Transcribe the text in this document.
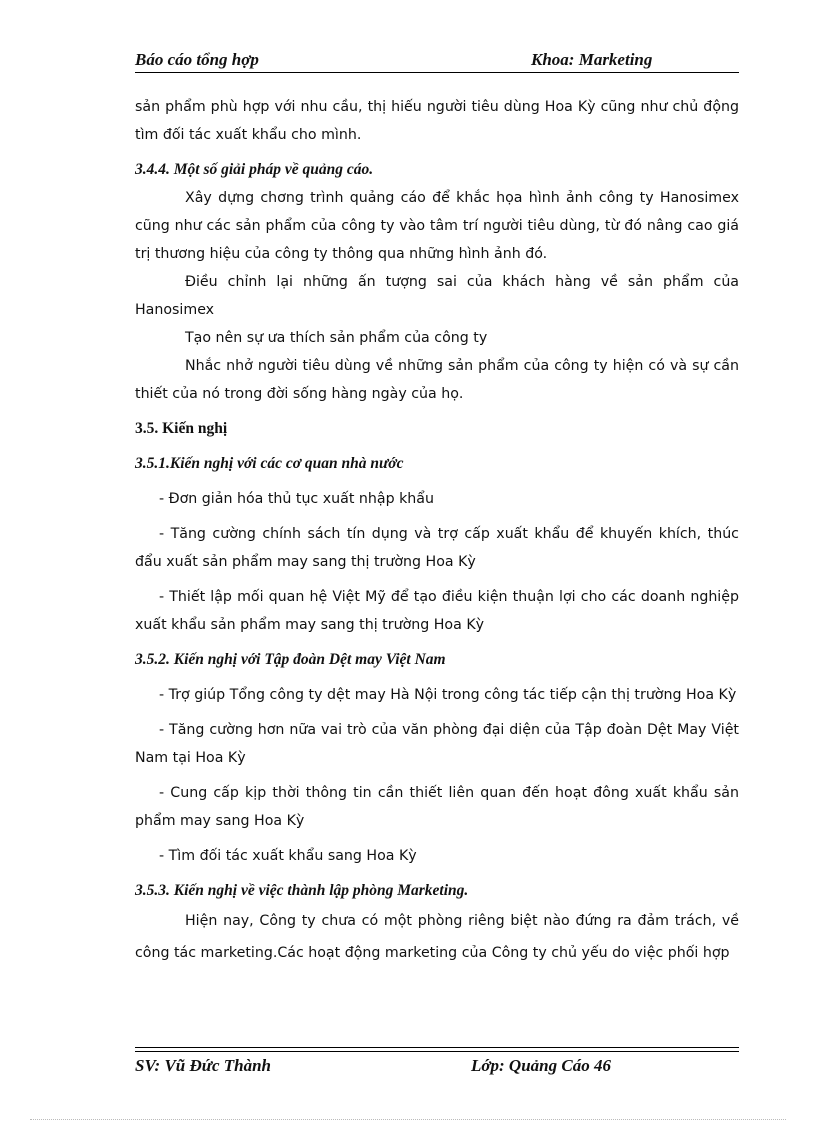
Báo cáo tổng hợp	Khoa: Marketing

sản phẩm phù hợp với nhu cầu, thị hiếu người tiêu dùng Hoa Kỳ cũng như chủ động tìm đối tác xuất khẩu cho mình.

3.4.4. Một số giải pháp về quảng cáo.

Xây dựng chơng trình quảng cáo để khắc họa hình ảnh công ty Hanosimex cũng như các sản phẩm của công ty vào tâm trí người tiêu dùng, từ đó nâng cao giá trị thương hiệu của công ty thông qua những hình ảnh đó.

Điều chỉnh lại những ấn tượng sai của khách hàng về sản phẩm của Hanosimex

Tạo nên sự ưa thích sản phẩm của công ty

Nhắc nhở người tiêu dùng về những sản phẩm của công ty hiện có và sự cần thiết của nó trong đời sống hàng ngày của họ.

3.5. Kiến nghị

3.5.1.Kiến nghị với các cơ quan nhà nước

- Đơn giản hóa thủ tục xuất nhập khẩu

- Tăng cường chính sách tín dụng và trợ cấp xuất khẩu để khuyến khích, thúc đẩu xuất sản phẩm may sang thị trường Hoa Kỳ

- Thiết lập mối quan hệ Việt Mỹ để tạo điều kiện thuận lợi cho các doanh nghiệp xuất khẩu sản phẩm may sang thị trường Hoa Kỳ

3.5.2. Kiến nghị với Tập đoàn Dệt may Việt Nam

- Trợ giúp Tổng công ty dệt may Hà Nội trong công tác tiếp cận thị trường Hoa Kỳ

- Tăng cường hơn nữa vai trò của văn phòng đại diện của Tập đoàn Dệt May Việt Nam tại Hoa Kỳ

- Cung cấp kịp thời thông tin cần thiết liên quan đến hoạt đông xuất khẩu sản phẩm may sang Hoa Kỳ

- Tìm đối tác xuất khẩu sang Hoa Kỳ

3.5.3. Kiến nghị về việc thành lập phòng Marketing.

Hiện nay, Công ty chưa có một phòng riêng biệt nào đứng ra đảm trách, về công tác marketing.Các hoạt động marketing của Công ty chủ yếu do việc phối hợp

SV: Vũ Đức Thành	Lớp: Quảng Cáo 46
